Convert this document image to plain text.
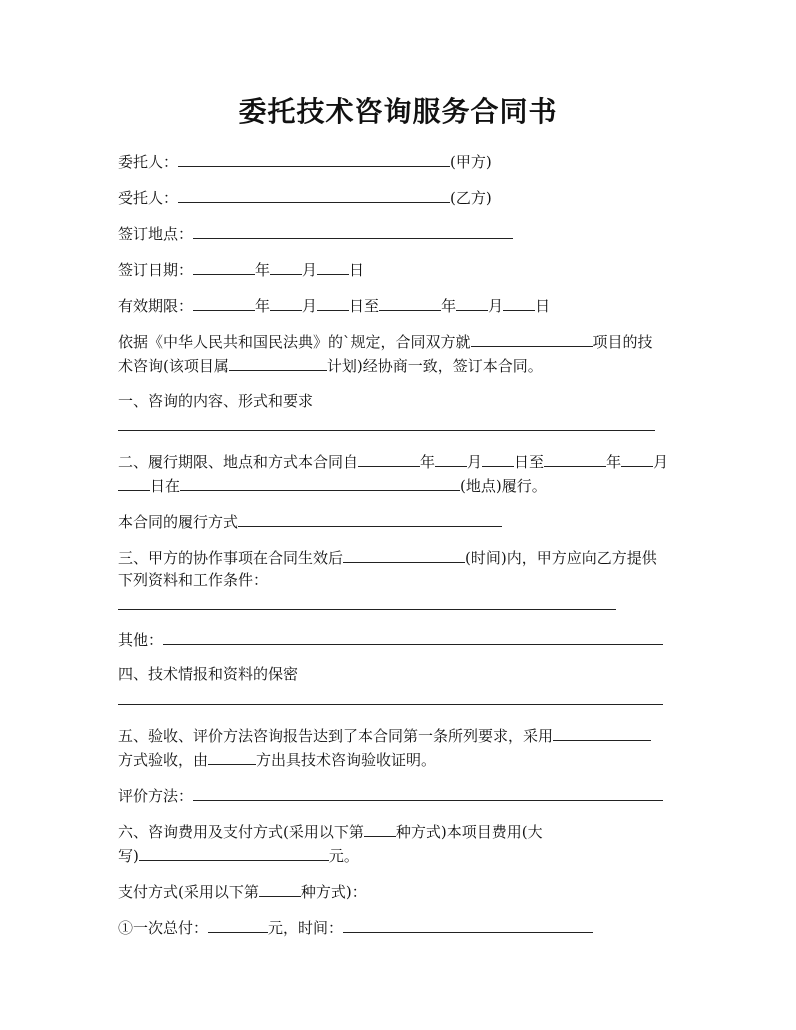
委托技术咨询服务合同书
委托人：	(甲方)
受托人：	(乙方)
签订地点：
签订日期：	年 月 日
有效期限：	年 月 日至	年 月 日
依据《中华人民共和国民法典》的`规定，合同双方就	项目的技
术咨询(该项目属	计划)经协商一致，签订本合同。
一、咨询的内容、形式和要求
二、履行期限、地点和方式本合同自	年 月 日至	年 月
日在	(地点)履行。
本合同的履行方式
三、甲方的协作事项在合同生效后	(时间)内，甲方应向乙方提供
下列资料和工作条件：
其他：
四、技术情报和资料的保密
五、验收、评价方法咨询报告达到了本合同第一条所列要求，采用
方式验收，由	方出具技术咨询验收证明。
评价方法：
六、咨询费用及支付方式(采用以下第 种方式)本项目费用(大
写)	元。
支付方式(采用以下第	种方式)：
①一次总付：	元，时间：
